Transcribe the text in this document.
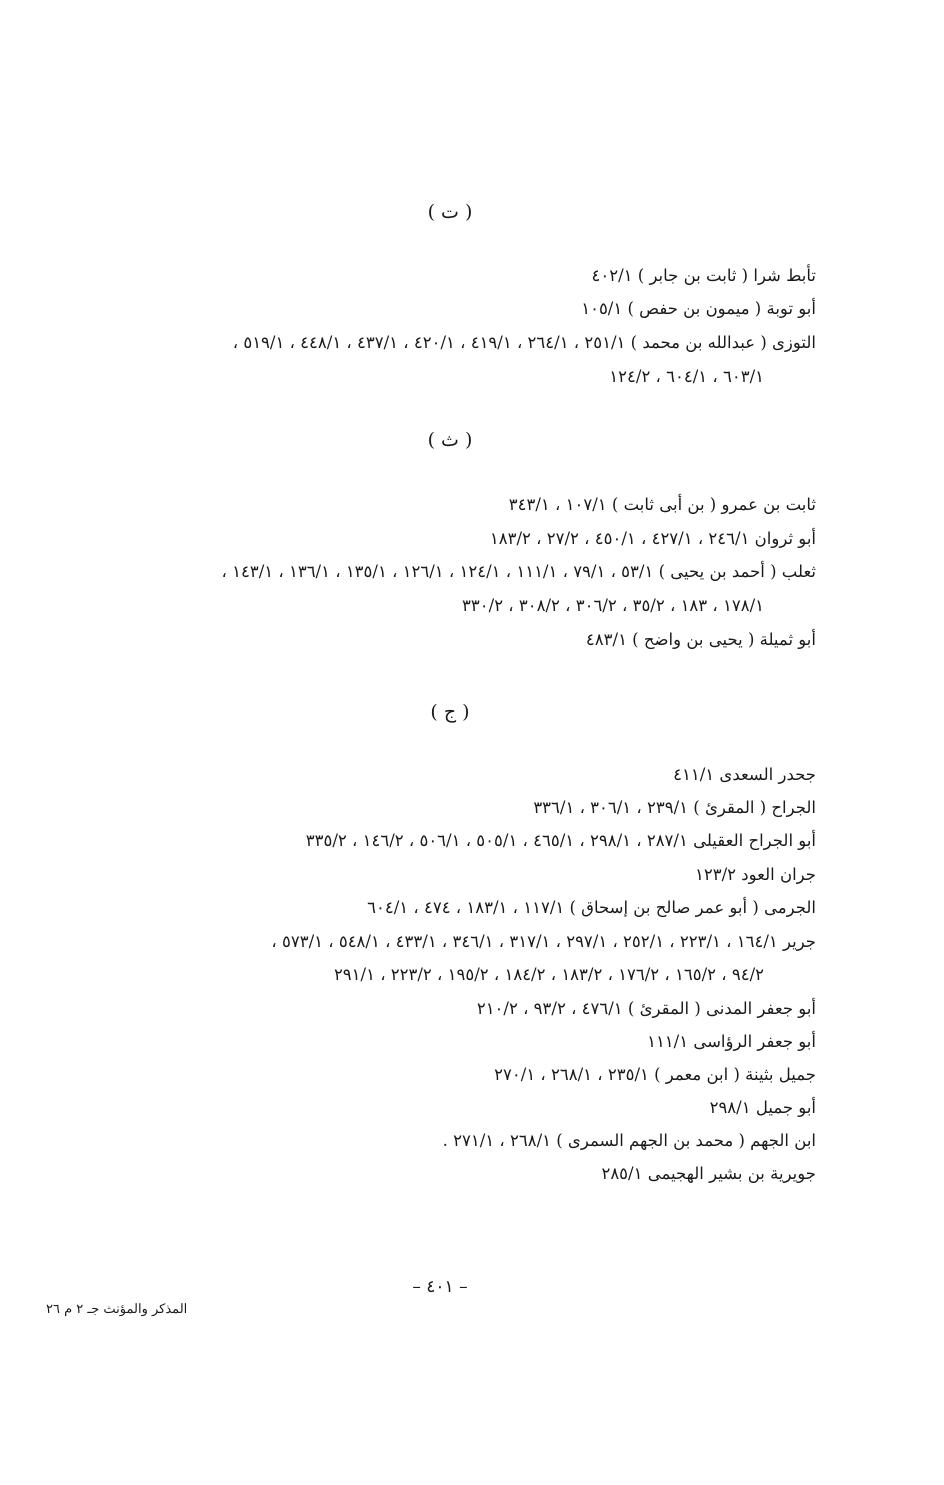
( ت )
تأبط شرا ( ثابت بن جابر ) ٤٠٢/١
أبو توبة ( ميمون بن حفص ) ١٠٥/١
التوزى ( عبدالله بن محمد ) ٢٥١/١ ، ٢٦٤/١ ، ٤١٩/١ ، ٤٢٠/١ ، ٤٣٧/١ ، ٤٤٨/١ ، ٥١٩/١ ،
٦٠٣/١ ، ٦٠٤/١ ، ١٢٤/٢
( ث )
ثابت بن عمرو ( بن أبى ثابت ) ١٠٧/١ ، ٣٤٣/١
أبو ثروان ٢٤٦/١ ، ٤٢٧/١ ، ٤٥٠/١ ، ٢٧/٢ ، ١٨٣/٢
ثعلب ( أحمد بن يحيى ) ٥٣/١ ، ٧٩/١ ، ١١١/١ ، ١٢٤/١ ، ١٢٦/١ ، ١٣٥/١ ، ١٣٦/١ ، ١٤٣/١ ،
١٧٨/١ ، ١٨٣ ، ٣٥/٢ ، ٣٠٦/٢ ، ٣٠٨/٢ ، ٣٣٠/٢
أبو ثميلة ( يحيى بن واضح ) ٤٨٣/١
( ج )
جحدر السعدى ٤١١/١
الجراح ( المقرئ ) ٢٣٩/١ ، ٣٠٦/١ ، ٣٣٦/١
أبو الجراح العقيلى ٢٨٧/١ ، ٢٩٨/١ ، ٤٦٥/١ ، ٥٠٥/١ ، ٥٠٦/١ ، ١٤٦/٢ ، ٣٣٥/٢
جران العود ١٢٣/٢
الجرمى ( أبو عمر صالح بن إسحاق ) ١١٧/١ ، ١٨٣/١ ، ٤٧٤ ، ٦٠٤/١
جرير ١٦٤/١ ، ٢٢٣/١ ، ٢٥٢/١ ، ٢٩٧/١ ، ٣١٧/١ ، ٣٤٦/١ ، ٤٣٣/١ ، ٥٤٨/١ ، ٥٧٣/١ ،
٩٤/٢ ، ١٦٥/٢ ، ١٧٦/٢ ، ١٨٣/٢ ، ١٨٤/٢ ، ١٩٥/٢ ، ٢٢٣/٢ ، ٢٩١/١
أبو جعفر المدنى ( المقرئ ) ٤٧٦/١ ، ٩٣/٢ ، ٢١٠/٢
أبو جعفر الرؤاسى ١١١/١
جميل بثينة ( ابن معمر ) ٢٣٥/١ ، ٢٦٨/١ ، ٢٧٠/١
أبو جميل ٢٩٨/١
ابن الجهم ( محمد بن الجهم السمرى ) ٢٦٨/١ ، ٢٧١/١ .
جويرية بن بشير الهجيمى ٢٨٥/١
– ٤٠١ –
المذكر والمؤنث جـ ٢ م ٢٦
